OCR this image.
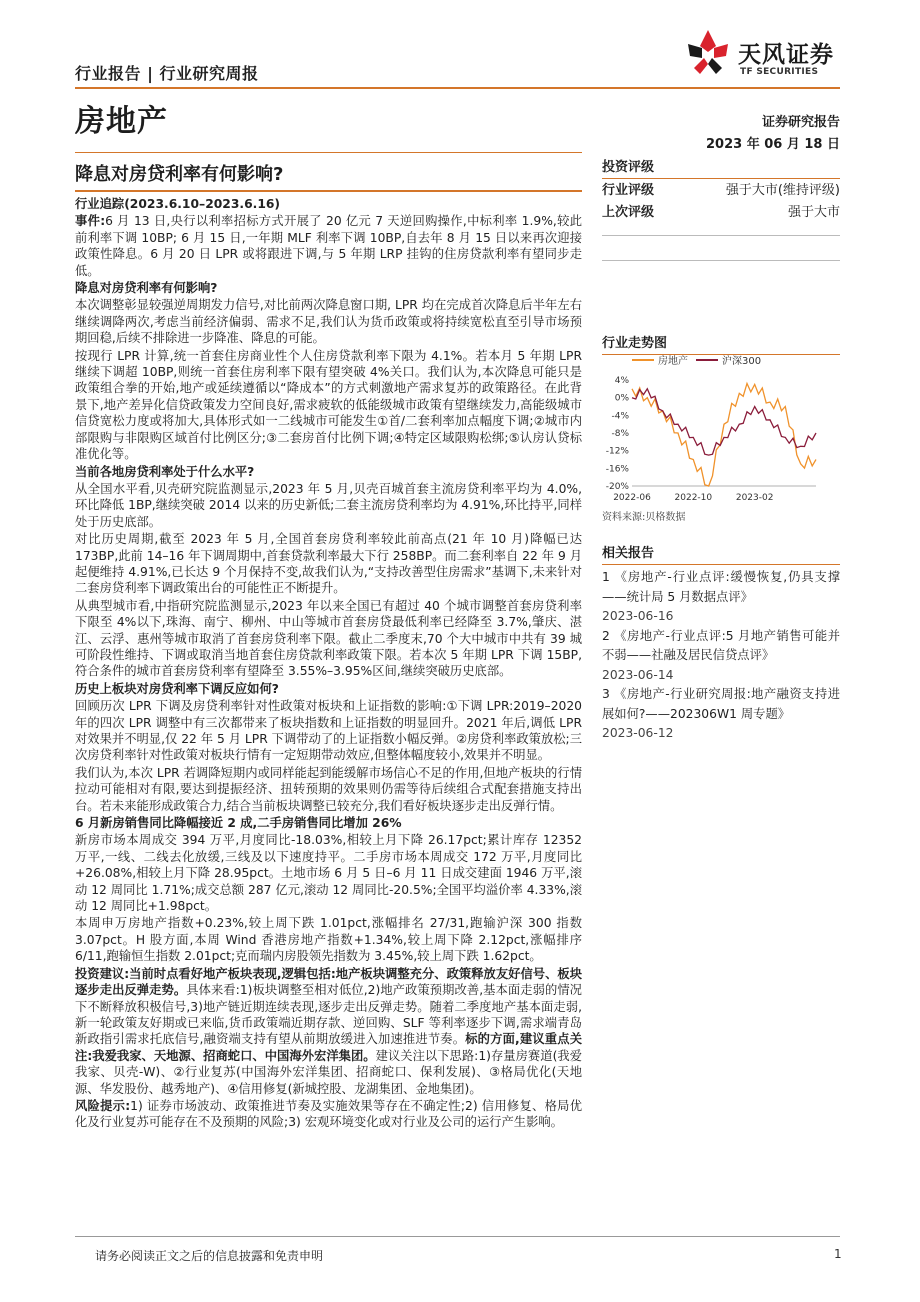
行业报告 | 行业研究周报
房地产
天风证券
TF SECURITIES
证券研究报告
2023 年 06 月 18 日
降息对房贷利率有何影响?

行业追踪(2023.6.10–2023.6.16)

事件:6 月 13 日,央行以利率招标方式开展了 20 亿元 7 天逆回购操作,中标利率 1.9%,较此前利率下调 10BP; 6 月 15 日,一年期 MLF 利率下调 10BP,自去年 8 月 15 日以来再次迎接政策性降息。6 月 20 日 LPR 或将跟进下调,与 5 年期 LRP 挂钩的住房贷款利率有望同步走低。

降息对房贷利率有何影响?

本次调整彰显较强逆周期发力信号,对比前两次降息窗口期, LPR 均在完成首次降息后半年左右继续调降两次,考虑当前经济偏弱、需求不足,我们认为货币政策或将持续宽松直至引导市场预期回稳,后续不排除进一步降准、降息的可能。

按现行 LPR 计算,统一首套住房商业性个人住房贷款利率下限为 4.1%。若本月 5 年期 LPR 继续下调超 10BP,则统一首套住房利率下限有望突破 4%关口。我们认为,本次降息可能只是政策组合拳的开始,地产或延续遵循以“降成本”的方式刺激地产需求复苏的政策路径。在此背景下,地产差异化信贷政策发力空间良好,需求疲软的低能级城市政策有望继续发力,高能级城市信贷宽松力度或将加大,具体形式如一二线城市可能发生①首/二套利率加点幅度下调;②城市内部限购与非限购区域首付比例区分;③二套房首付比例下调;④特定区域限购松绑;⑤认房认贷标准优化等。

当前各地房贷利率处于什么水平?

从全国水平看,贝壳研究院监测显示,2023 年 5 月,贝壳百城首套主流房贷利率平均为 4.0%,环比降低 1BP,继续突破 2014 以来的历史新低;二套主流房贷利率均为 4.91%,环比持平,同样处于历史底部。

对比历史周期,截至 2023 年 5 月,全国首套房贷利率较此前高点(21 年 10 月)降幅已达 173BP,此前 14–16 年下调周期中,首套贷款利率最大下行 258BP。而二套利率自 22 年 9 月起便维持 4.91%,已长达 9 个月保持不变,故我们认为,“支持改善型住房需求”基调下,未来针对二套房贷利率下调政策出台的可能性正不断提升。

从典型城市看,中指研究院监测显示,2023 年以来全国已有超过 40 个城市调整首套房贷利率下限至 4%以下,珠海、南宁、柳州、中山等城市首套房贷最低利率已经降至 3.7%,肇庆、湛江、云浮、惠州等城市取消了首套房贷利率下限。截止二季度末,70 个大中城市中共有 39 城可阶段性维持、下调或取消当地首套住房贷款利率政策下限。若本次 5 年期 LPR 下调 15BP,符合条件的城市首套房贷利率有望降至 3.55%–3.95%区间,继续突破历史底部。

历史上板块对房贷利率下调反应如何?

回顾历次 LPR 下调及房贷利率针对性政策对板块和上证指数的影响:①下调 LPR:2019–2020 年的四次 LPR 调整中有三次都带来了板块指数和上证指数的明显回升。2021 年后,调低 LPR 对效果并不明显,仅 22 年 5 月 LPR 下调带动了的上证指数小幅反弹。②房贷利率政策放松;三次房贷利率针对性政策对板块行情有一定短期带动效应,但整体幅度较小,效果并不明显。

我们认为,本次 LPR 若调降短期内或同样能起到能缓解市场信心不足的作用,但地产板块的行情拉动可能相对有限,要达到提振经济、扭转预期的效果则仍需等待后续组合式配套措施支持出台。若未来能形成政策合力,结合当前板块调整已较充分,我们看好板块逐步走出反弹行情。

6 月新房销售同比降幅接近 2 成,二手房销售同比增加 26%

新房市场本周成交 394 万平,月度同比-18.03%,相较上月下降 26.17pct;累计库存 12352 万平,一线、二线去化放缓,三线及以下速度持平。二手房市场本周成交 172 万平,月度同比+26.08%,相较上月下降 28.95pct。土地市场 6 月 5 日–6 月 11 日成交建面 1946 万平,滚动 12 周同比 1.71%;成交总额 287 亿元,滚动 12 周同比-20.5%;全国平均溢价率 4.33%,滚动 12 周同比+1.98pct。

本周申万房地产指数+0.23%,较上周下跌 1.01pct,涨幅排名 27/31,跑输沪深 300 指数 3.07pct。H 股方面,本周 Wind 香港房地产指数+1.34%,较上周下降 2.12pct,涨幅排序 6/11,跑输恒生指数 2.01pct;克而瑞内房股领先指数为 3.45%,较上周下跌 1.62pct。

投资建议:当前时点看好地产板块表现,逻辑包括:地产板块调整充分、政策释放友好信号、板块逐步走出反弹走势。具体来看:1)板块调整至相对低位,2)地产政策预期改善,基本面走弱的情况下不断释放积极信号,3)地产链近期连续表现,逐步走出反弹走势。随着二季度地产基本面走弱,新一轮政策友好期或已来临,货币政策端近期存款、逆回购、SLF 等利率逐步下调,需求端青岛新政指引需求托底信号,融资端支持有望从前期放缓进入加速推进节奏。标的方面,建议重点关注:我爱我家、天地源、招商蛇口、中国海外宏洋集团。建议关注以下思路:1)存量房赛道(我爱我家、贝壳-W)、②行业复苏(中国海外宏洋集团、招商蛇口、保利发展)、③格局优化(天地源、华发股份、越秀地产)、④信用修复(新城控股、龙湖集团、金地集团)。

风险提示:1) 证券市场波动、政策推进节奏及实施效果等存在不确定性;2) 信用修复、格局优化及行业复苏可能存在不及预期的风险;3) 宏观环境变化或对行业及公司的运行产生影响。

投资评级
行业评级	强于大市(维持评级)
上次评级	强于大市
行业走势图
房地产	沪深300
4%
0%
-4%
-8%
-12%
-16%
-20%
2022-06	2022-10	2023-02
资料来源:贝格数据
相关报告
1 《房地产-行业点评:缓慢恢复,仍具支撑——统计局 5 月数据点评》
2023-06-16
2 《房地产-行业点评:5 月地产销售可能并不弱——社融及居民信贷点评》
2023-06-14
3 《房地产-行业研究周报:地产融资支持进展如何?——202306W1 周专题》
2023-06-12
请务必阅读正文之后的信息披露和免责申明	1
